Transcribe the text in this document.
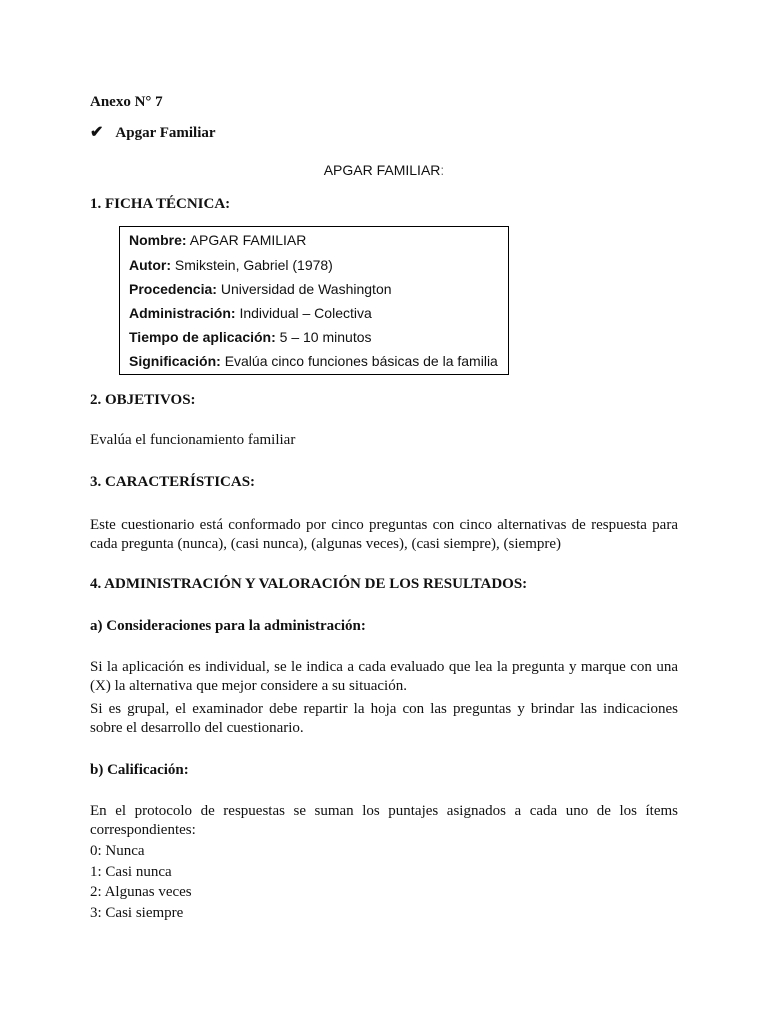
Anexo N° 7
✔ Apgar Familiar
APGAR FAMILIAR:
1. FICHA TÉCNICA:
Nombre: APGAR FAMILIAR
Autor: Smikstein, Gabriel (1978)
Procedencia: Universidad de Washington
Administración: Individual – Colectiva
Tiempo de aplicación: 5 – 10 minutos
Significación: Evalúa cinco funciones básicas de la familia
2. OBJETIVOS:
Evalúa el funcionamiento familiar
3. CARACTERÍSTICAS:
Este cuestionario está conformado por cinco preguntas con cinco alternativas de respuesta para
cada pregunta (nunca), (casi nunca), (algunas veces), (casi siempre), (siempre)
4. ADMINISTRACIÓN Y VALORACIÓN DE LOS RESULTADOS:
a) Consideraciones para la administración:
Si la aplicación es individual, se le indica a cada evaluado que lea la pregunta y marque con una
(X) la alternativa que mejor considere a su situación.
Si es grupal, el examinador debe repartir la hoja con las preguntas y brindar las indicaciones
sobre el desarrollo del cuestionario.
b) Calificación:
En el protocolo de respuestas se suman los puntajes asignados a cada uno de los ítems
correspondientes:
0: Nunca
1: Casi nunca
2: Algunas veces
3: Casi siempre
